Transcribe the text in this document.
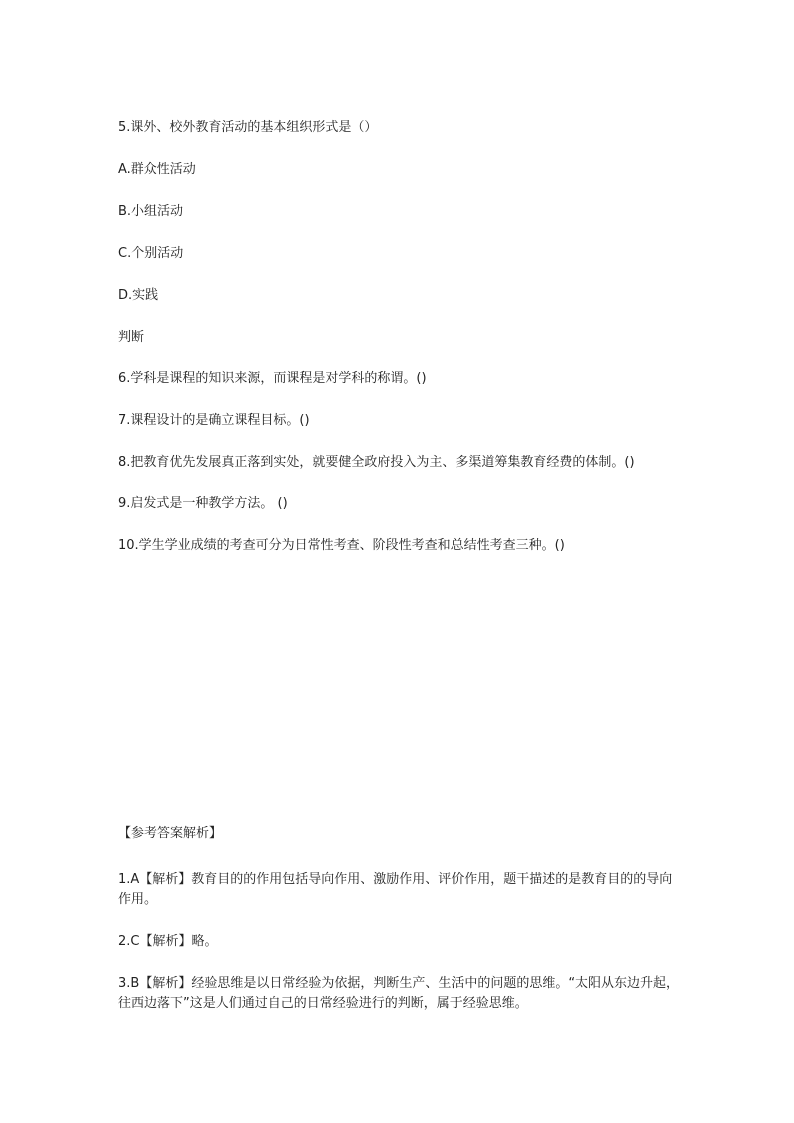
5.课外、校外教育活动的基本组织形式是（）
A.群众性活动
B.小组活动
C.个别活动
D.实践
判断
6.学科是课程的知识来源，而课程是对学科的称谓。()
7.课程设计的是确立课程目标。()
8.把教育优先发展真正落到实处，就要健全政府投入为主、多渠道筹集教育经费的体制。()
9.启发式是一种教学方法。 ()
10.学生学业成绩的考查可分为日常性考查、阶段性考查和总结性考查三种。()
【参考答案解析】
1.A【解析】教育目的的作用包括导向作用、激励作用、评价作用，题干描述的是教育目的的导向作用。
2.C【解析】略。
3.B【解析】经验思维是以日常经验为依据，判断生产、生活中的问题的思维。“太阳从东边升起，往西边落下”这是人们通过自己的日常经验进行的判断，属于经验思维。
